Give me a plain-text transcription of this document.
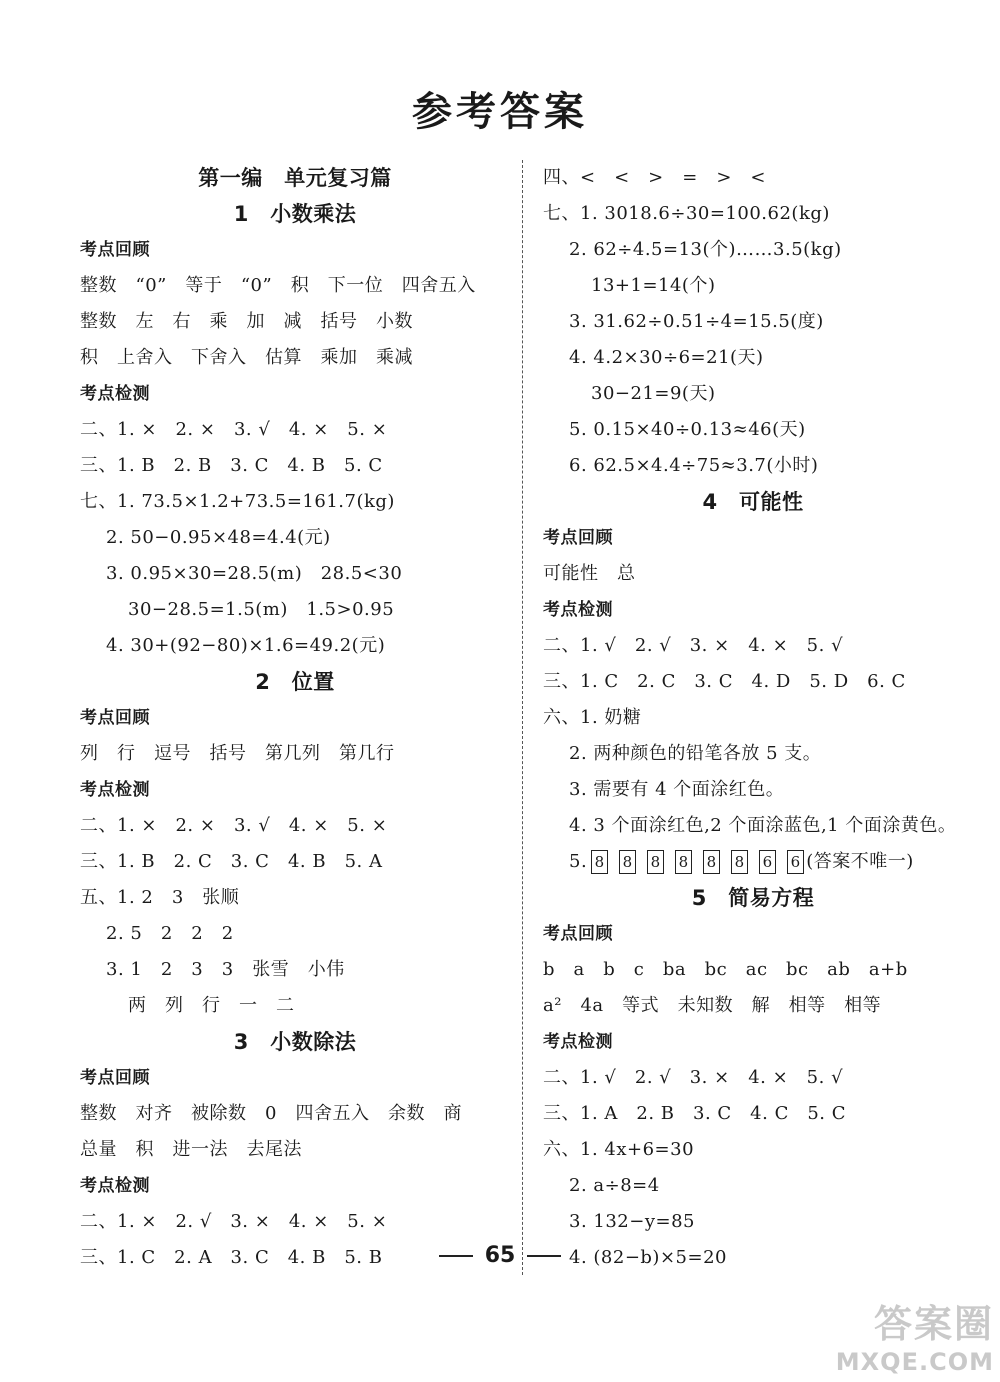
参考答案
第一编　单元复习篇
1　小数乘法
考点回顾
整数　“0”　等于　“0”　积　下一位　四舍五入
整数　左　右　乘　加　减　括号　小数
积　上舍入　下舍入　估算　乘加　乘减
考点检测
二、1. ×　2. ×　3. √　4. ×　5. ×
三、1. B　2. B　3. C　4. B　5. C
七、1. 73.5×1.2+73.5=161.7(kg)
2. 50−0.95×48=4.4(元)
3. 0.95×30=28.5(m)　28.5<30
30−28.5=1.5(m)　1.5>0.95
4. 30+(92−80)×1.6=49.2(元)
2　位置
考点回顾
列　行　逗号　括号　第几列　第几行
考点检测
二、1. ×　2. ×　3. √　4. ×　5. ×
三、1. B　2. C　3. C　4. B　5. A
五、1. 2　3　张顺
2. 5　2　2　2
3. 1　2　3　3　张雪　小伟
两　列　行　一　二
3　小数除法
考点回顾
整数　对齐　被除数　0　四舍五入　余数　商
总量　积　进一法　去尾法
考点检测
二、1. ×　2. √　3. ×　4. ×　5. ×
三、1. C　2. A　3. C　4. B　5. B
四、<　<　>　=　>　<
七、1. 3018.6÷30=100.62(kg)
2. 62÷4.5=13(个)……3.5(kg)
13+1=14(个)
3. 31.62÷0.51÷4=15.5(度)
4. 4.2×30÷6=21(天)
30−21=9(天)
5. 0.15×40÷0.13≈46(天)
6. 62.5×4.4÷75≈3.7(小时)
4　可能性
考点回顾
可能性　总
考点检测
二、1. √　2. √　3. ×　4. ×　5. √
三、1. C　2. C　3. C　4. D　5. D　6. C
六、1. 奶糖
2. 两种颜色的铅笔各放 5 支。
3. 需要有 4 个面涂红色。
4. 3 个面涂红色,2 个面涂蓝色,1 个面涂黄色。
5. 8 8 8 8 8 8 6 6 (答案不唯一)
5　简易方程
考点回顾
b　a　b　c　ba　bc　ac　bc　ab　a+b
a²　4a　等式　未知数　解　相等　相等
考点检测
二、1. √　2. √　3. ×　4. ×　5. √
三、1. A　2. B　3. C　4. C　5. C
六、1. 4x+6=30
2. a÷8=4
3. 132−y=85
4. (82−b)×5=20
65
答案圈
MXQE.COM
